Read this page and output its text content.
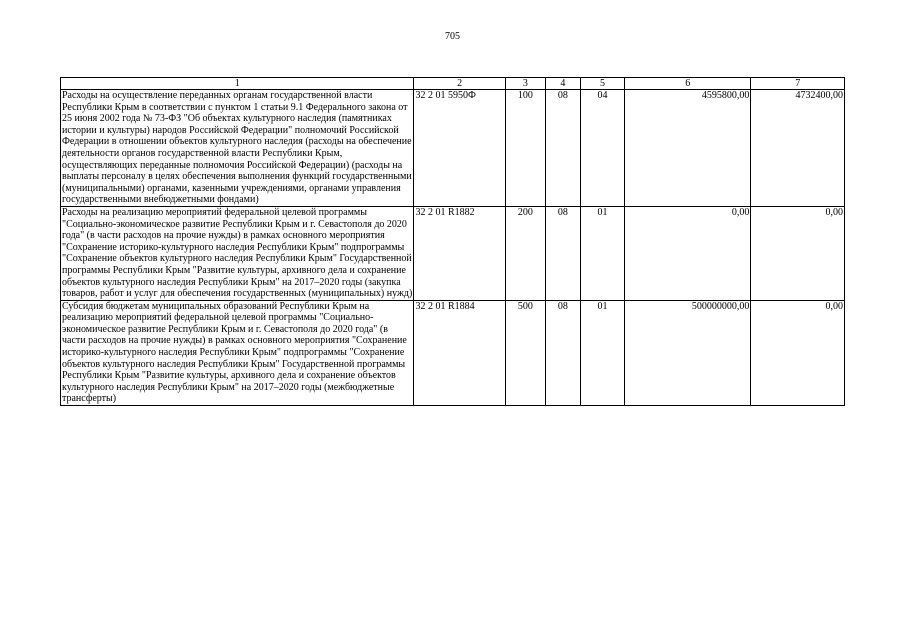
705
1	2	3	4	5	6	7
Расходы на осуществление переданных органам государственной власти Республики Крым в соответствии с пунктом 1 статьи 9.1 Федерального закона от 25 июня 2002 года № 73-ФЗ "Об объектах культурного наследия (памятниках истории и культуры) народов Российской Федерации" полномочий Российской Федерации в отношении объектов культурного наследия (расходы на обеспечение деятельности органов государственной власти Республики Крым, осуществляющих переданные полномочия Российской Федерации) (расходы на выплаты персоналу в целях обеспечения выполнения функций государственными (муниципальными) органами, казенными учреждениями, органами управления государственными внебюджетными фондами)	32 2 01 5950Ф	100	08	04	4595800,00	4732400,00
Расходы на реализацию мероприятий федеральной целевой программы "Социально-экономическое развитие Республики Крым и г. Севастополя до 2020 года" (в части расходов на прочие нужды) в рамках основного мероприятия "Сохранение историко-культурного наследия Республики Крым" подпрограммы "Сохранение объектов культурного наследия Республики Крым" Государственной программы Республики Крым "Развитие культуры, архивного дела и сохранение объектов культурного наследия Республики Крым" на 2017–2020 годы (закупка товаров, работ и услуг для обеспечения государственных (муниципальных) нужд)	32 2 01 R1882	200	08	01	0,00	0,00
Субсидия бюджетам муниципальных образований Республики Крым на реализацию мероприятий федеральной целевой программы "Социально-экономическое развитие Республики Крым и г. Севастополя до 2020 года" (в части расходов на прочие нужды) в рамках основного мероприятия "Сохранение историко-культурного наследия Республики Крым" подпрограммы "Сохранение объектов культурного наследия Республики Крым" Государственной программы Республики Крым "Развитие культуры, архивного дела и сохранение объектов культурного наследия Республики Крым" на 2017–2020 годы (межбюджетные трансферты)	32 2 01 R1884	500	08	01	500000000,00	0,00
